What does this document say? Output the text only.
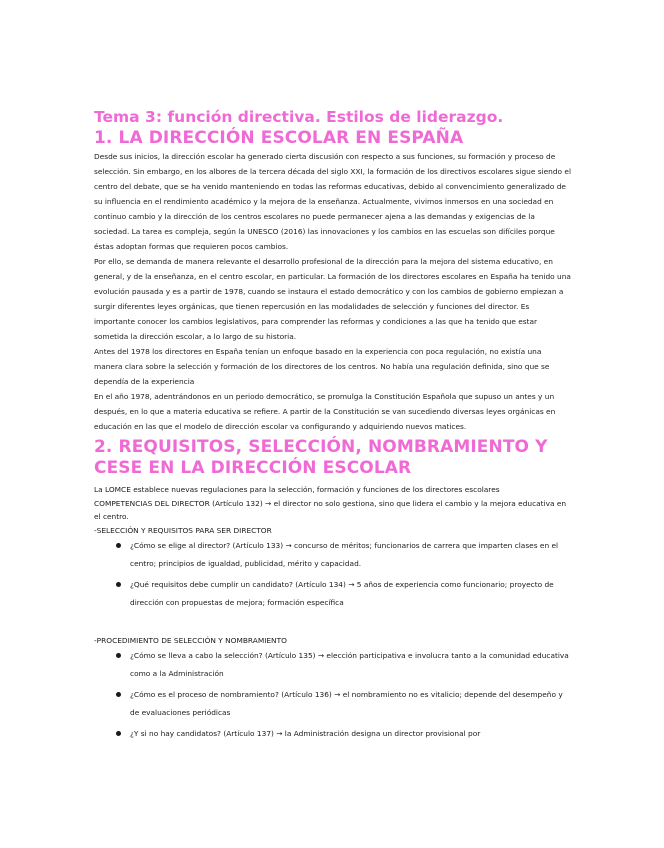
Tema 3: función directiva. Estilos de liderazgo.
1. LA DIRECCIÓN ESCOLAR EN ESPAÑA

Desde sus inicios, la dirección escolar ha generado cierta discusión con respecto a sus funciones, su formación y proceso de selección. Sin embargo, en los albores de la tercera década del siglo XXI, la formación de los directivos escolares sigue siendo el centro del debate, que se ha venido manteniendo en todas las reformas educativas, debido al convencimiento generalizado de su influencia en el rendimiento académico y la mejora de la enseñanza. Actualmente, vivimos inmersos en una sociedad en continuo cambio y la dirección de los centros escolares no puede permanecer ajena a las demandas y exigencias de la sociedad. La tarea es compleja, según la UNESCO (2016) las innovaciones y los cambios en las escuelas son difíciles porque éstas adoptan formas que requieren pocos cambios.

Por ello, se demanda de manera relevante el desarrollo profesional de la dirección para la mejora del sistema educativo, en general, y de la enseñanza, en el centro escolar, en particular. La formación de los directores escolares en España ha tenido una evolución pausada y es a partir de 1978, cuando se instaura el estado democrático y con los cambios de gobierno empiezan a surgir diferentes leyes orgánicas, que tienen repercusión en las modalidades de selección y funciones del director. Es importante conocer los cambios legislativos, para comprender las reformas y condiciones a las que ha tenido que estar sometida la dirección escolar, a lo largo de su historia.

Antes del 1978 los directores en España tenían un enfoque basado en la experiencia con poca regulación, no existía una manera clara sobre la selección y formación de los directores de los centros. No había una regulación definida, sino que se dependía de la experiencia

En el año 1978, adentrándonos en un periodo democrático, se promulga la Constitución Española que supuso un antes y un después, en lo que a materia educativa se refiere. A partir de la Constitución se van sucediendo diversas leyes orgánicas en educación en las que el modelo de dirección escolar va configurando y adquiriendo nuevos matices.

2. REQUISITOS, SELECCIÓN, NOMBRAMIENTO Y CESE EN LA DIRECCIÓN ESCOLAR

La LOMCE establece nuevas regulaciones para la selección, formación y funciones de los directores escolares

COMPETENCIAS DEL DIRECTOR (Artículo 132) → el director no solo gestiona, sino que lidera el cambio y la mejora educativa en el centro.

-SELECCIÓN Y REQUISITOS PARA SER DIRECTOR

¿Cómo se elige al director? (Artículo 133) → concurso de méritos; funcionarios de carrera que imparten clases en el centro; principios de igualdad, publicidad, mérito y capacidad.
¿Qué requisitos debe cumplir un candidato? (Artículo 134) → 5 años de experiencia como funcionario; proyecto de dirección con propuestas de mejora; formación específica

-PROCEDIMIENTO DE SELECCIÓN Y NOMBRAMIENTO

¿Cómo se lleva a cabo la selección? (Artículo 135) → elección participativa e involucra tanto a la comunidad educativa como a la Administración
¿Cómo es el proceso de nombramiento? (Artículo 136) → el nombramiento no es vitalicio; depende del desempeño y de evaluaciones periódicas
¿Y si no hay candidatos? (Artículo 137) → la Administración designa un director provisional por
